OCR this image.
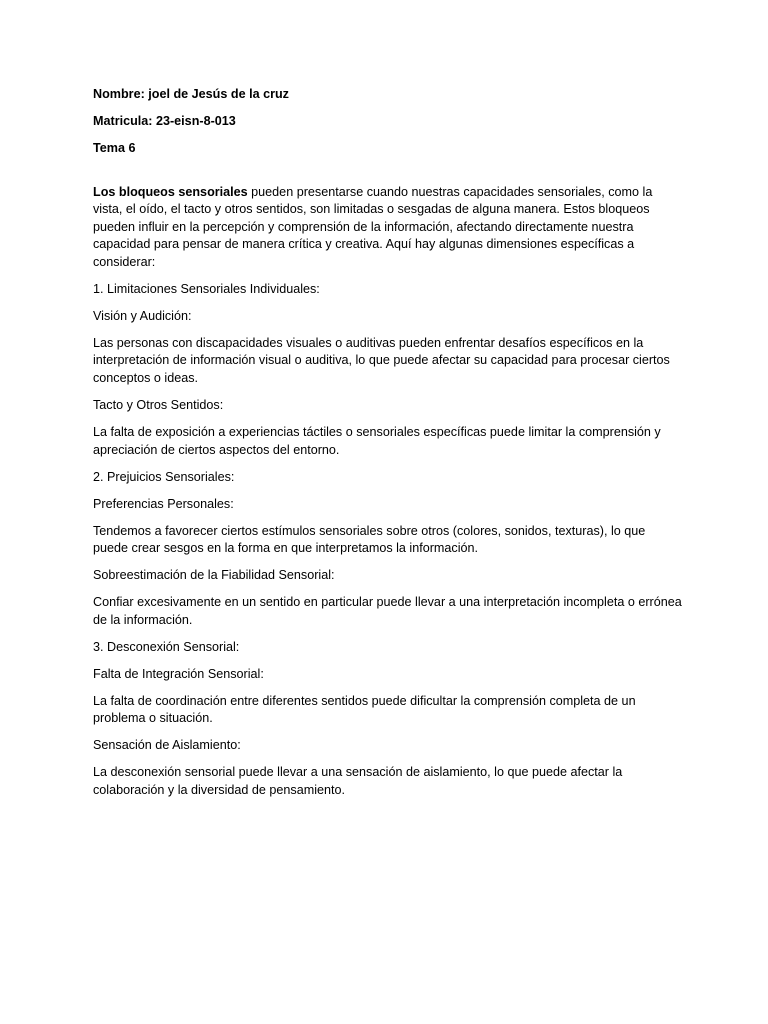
Nombre: joel de Jesús de la cruz

Matricula: 23-eisn-8-013

Tema 6

Los bloqueos sensoriales pueden presentarse cuando nuestras capacidades sensoriales, como la vista, el oído, el tacto y otros sentidos, son limitadas o sesgadas de alguna manera. Estos bloqueos pueden influir en la percepción y comprensión de la información, afectando directamente nuestra capacidad para pensar de manera crítica y creativa. Aquí hay algunas dimensiones específicas a considerar:

1. Limitaciones Sensoriales Individuales:

Visión y Audición:

Las personas con discapacidades visuales o auditivas pueden enfrentar desafíos específicos en la interpretación de información visual o auditiva, lo que puede afectar su capacidad para procesar ciertos conceptos o ideas.

Tacto y Otros Sentidos:

La falta de exposición a experiencias táctiles o sensoriales específicas puede limitar la comprensión y apreciación de ciertos aspectos del entorno.

2. Prejuicios Sensoriales:

Preferencias Personales:

Tendemos a favorecer ciertos estímulos sensoriales sobre otros (colores, sonidos, texturas), lo que puede crear sesgos en la forma en que interpretamos la información.

Sobreestimación de la Fiabilidad Sensorial:

Confiar excesivamente en un sentido en particular puede llevar a una interpretación incompleta o errónea de la información.

3. Desconexión Sensorial:

Falta de Integración Sensorial:

La falta de coordinación entre diferentes sentidos puede dificultar la comprensión completa de un problema o situación.

Sensación de Aislamiento:

La desconexión sensorial puede llevar a una sensación de aislamiento, lo que puede afectar la colaboración y la diversidad de pensamiento.
